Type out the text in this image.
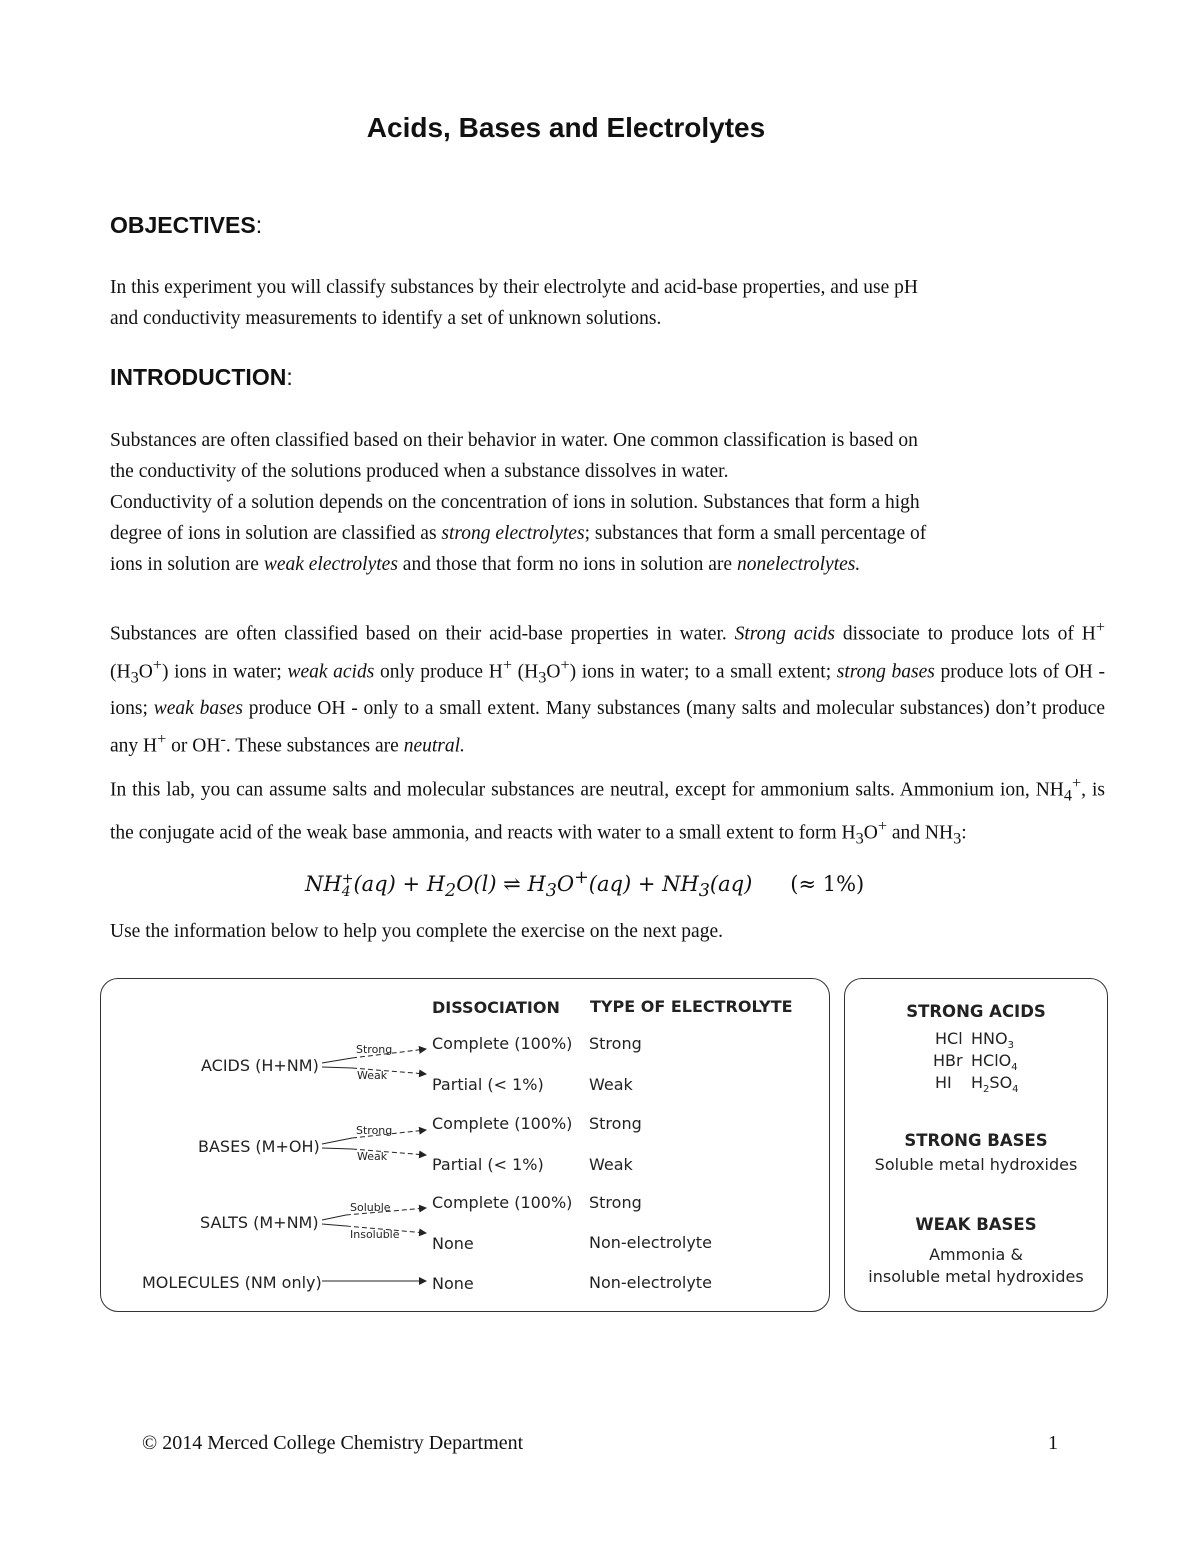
Acids, Bases and Electrolytes
OBJECTIVES:
In this experiment you will classify substances by their electrolyte and acid-base properties, and use pH
and conductivity measurements to identify a set of unknown solutions.
INTRODUCTION:
Substances are often classified based on their behavior in water. One common classification is based on
the conductivity of the solutions produced when a substance dissolves in water.
Conductivity of a solution depends on the concentration of ions in solution. Substances that form a high
degree of ions in solution are classified as strong electrolytes; substances that form a small percentage of
ions in solution are weak electrolytes and those that form no ions in solution are nonelectrolytes.
Substances are often classified based on their acid-base properties in water. Strong acids dissociate to produce lots of H+ $(H_3O^+)$ ions in water; weak acids only produce H+ $(H_3O^+)$ ions in water; to a small extent; strong bases produce lots of OH - ions; weak bases produce OH - only to a small extent. Many substances (many salts and molecular substances) don’t produce any H+ or OH-. These substances are neutral.
In this lab, you can assume salts and molecular substances are neutral, except for ammonium salts. Ammonium ion, $NH_4^+$, is the conjugate acid of the weak base ammonia, and reacts with water to a small extent to form $H_3O^+$ and $NH_3$:
NH +
4 $(aq) + H_2O(l)$ ⇌ $H_3O^+(aq) + NH_3(aq)$ (≈ 1%)
Use the information below to help you complete the exercise on the next page.
DISSOCIATION TYPE OF ELECTROLYTE
ACIDS (H+NM)
Strong
Weak
Complete (100%) Strong
Partial (< 1%)	Weak
BASES (M+OH)
Strong
Weak
Complete (100%) Strong
Partial (< 1%)	Weak
SALTS (M+NM)
Soluble
Insoluble
Complete (100%) Strong
None	Non-electrolyte
MOLECULES (NM only)	None	Non-electrolyte
STRONG ACIDS
HCl $HNO_3$
HBr HClO$_4$
HI $H_2SO_4$
STRONG BASES
Soluble metal hydroxides
WEAK BASES
Ammonia &
insoluble metal hydroxides
© 2014 Merced College Chemistry Department	1
